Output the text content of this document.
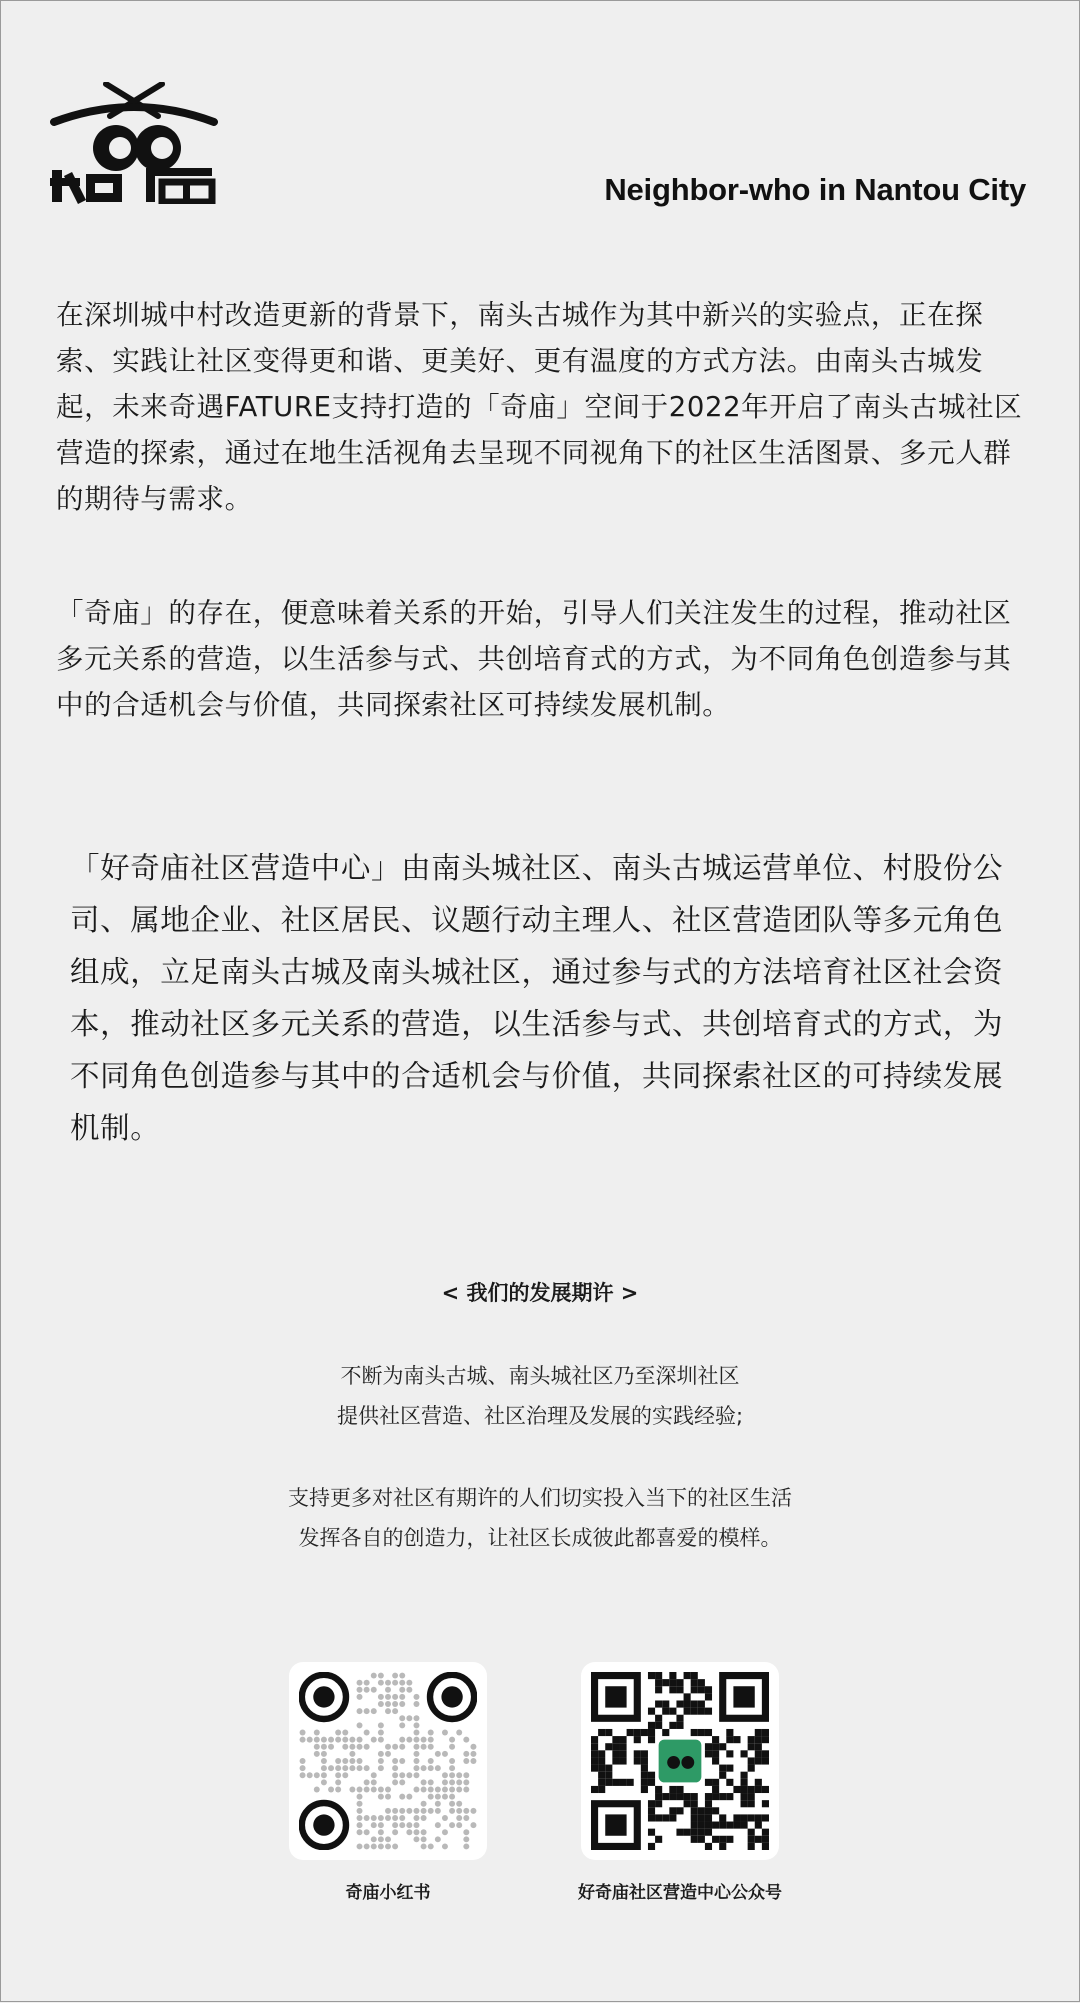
Neighbor-who in Nantou City

在深圳城中村改造更新的背景下，南头古城作为其中新兴的实验点，正在探索、实践让社区变得更和谐、更美好、更有温度的方式方法。由南头古城发起，未来奇遇FATURE支持打造的「奇庙」空间于2022年开启了南头古城社区营造的探索，通过在地生活视角去呈现不同视角下的社区生活图景、多元人群的期待与需求。

「奇庙」的存在，便意味着关系的开始，引导人们关注发生的过程，推动社区多元关系的营造，以生活参与式、共创培育式的方式，为不同角色创造参与其中的合适机会与价值，共同探索社区可持续发展机制。

「好奇庙社区营造中心」由南头城社区、南头古城运营单位、村股份公司、属地企业、社区居民、议题行动主理人、社区营造团队等多元角色组成，立足南头古城及南头城社区，通过参与式的方法培育社区社会资本，推动社区多元关系的营造，以生活参与式、共创培育式的方式，为不同角色创造参与其中的合适机会与价值，共同探索社区的可持续发展机制。

< 我们的发展期许 >

不断为南头古城、南头城社区乃至深圳社区
提供社区营造、社区治理及发展的实践经验;

支持更多对社区有期许的人们切实投入当下的社区生活
发挥各自的创造力，让社区长成彼此都喜爱的模样。

奇庙小红书	好奇庙社区营造中心公众号
